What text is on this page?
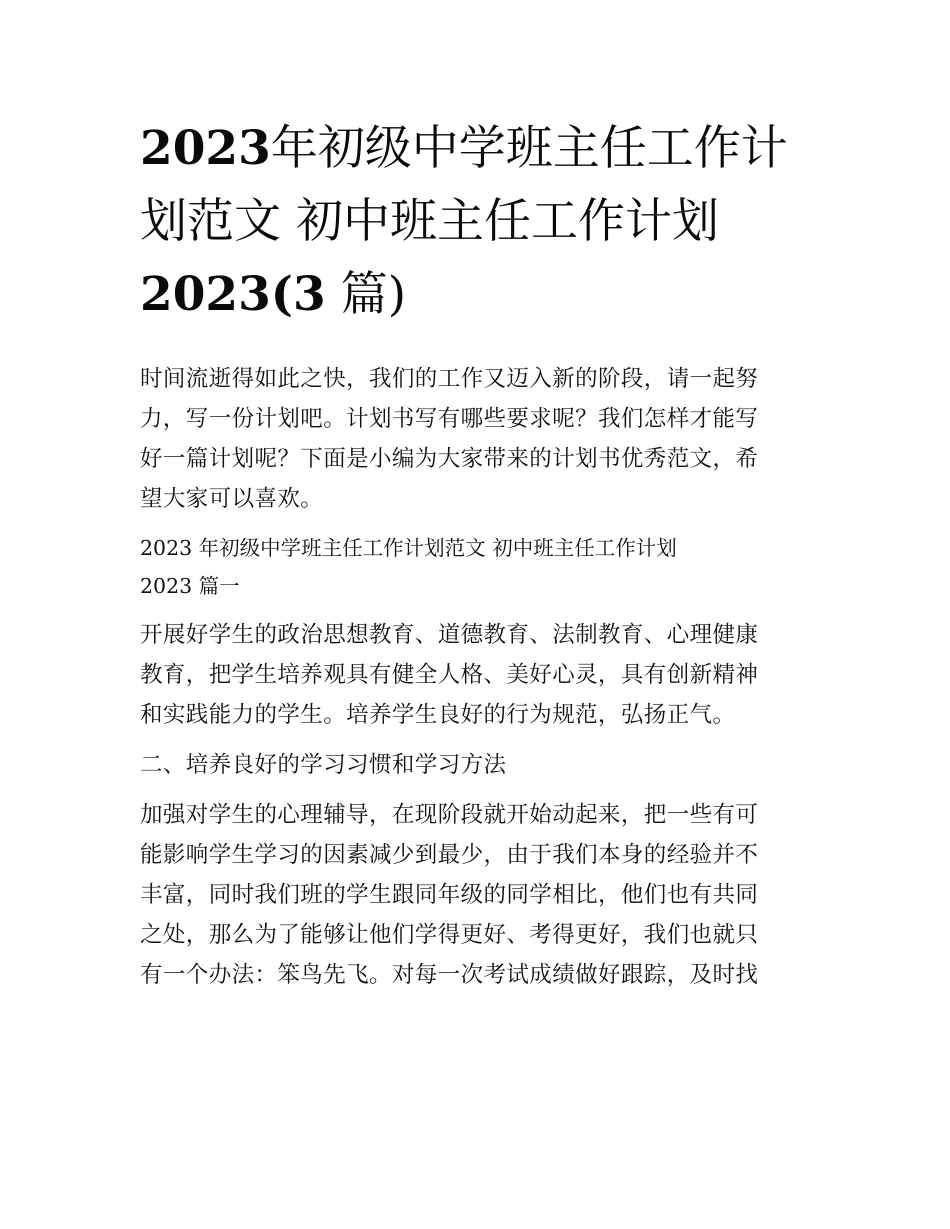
2023年初级中学班主任工作计
划范文 初中班主任工作计划
2023(3 篇)

时间流逝得如此之快，我们的工作又迈入新的阶段，请一起努
力，写一份计划吧。计划书写有哪些要求呢？我们怎样才能写
好一篇计划呢？下面是小编为大家带来的计划书优秀范文，希
望大家可以喜欢。

2023 年初级中学班主任工作计划范文 初中班主任工作计划
2023 篇一

开展好学生的政治思想教育、道德教育、法制教育、心理健康
教育，把学生培养观具有健全人格、美好心灵，具有创新精神
和实践能力的学生。培养学生良好的行为规范，弘扬正气。

二、培养良好的学习习惯和学习方法

加强对学生的心理辅导，在现阶段就开始动起来，把一些有可
能影响学生学习的因素减少到最少，由于我们本身的经验并不
丰富，同时我们班的学生跟同年级的同学相比，他们也有共同
之处，那么为了能够让他们学得更好、考得更好，我们也就只
有一个办法：笨鸟先飞。对每一次考试成绩做好跟踪，及时找
